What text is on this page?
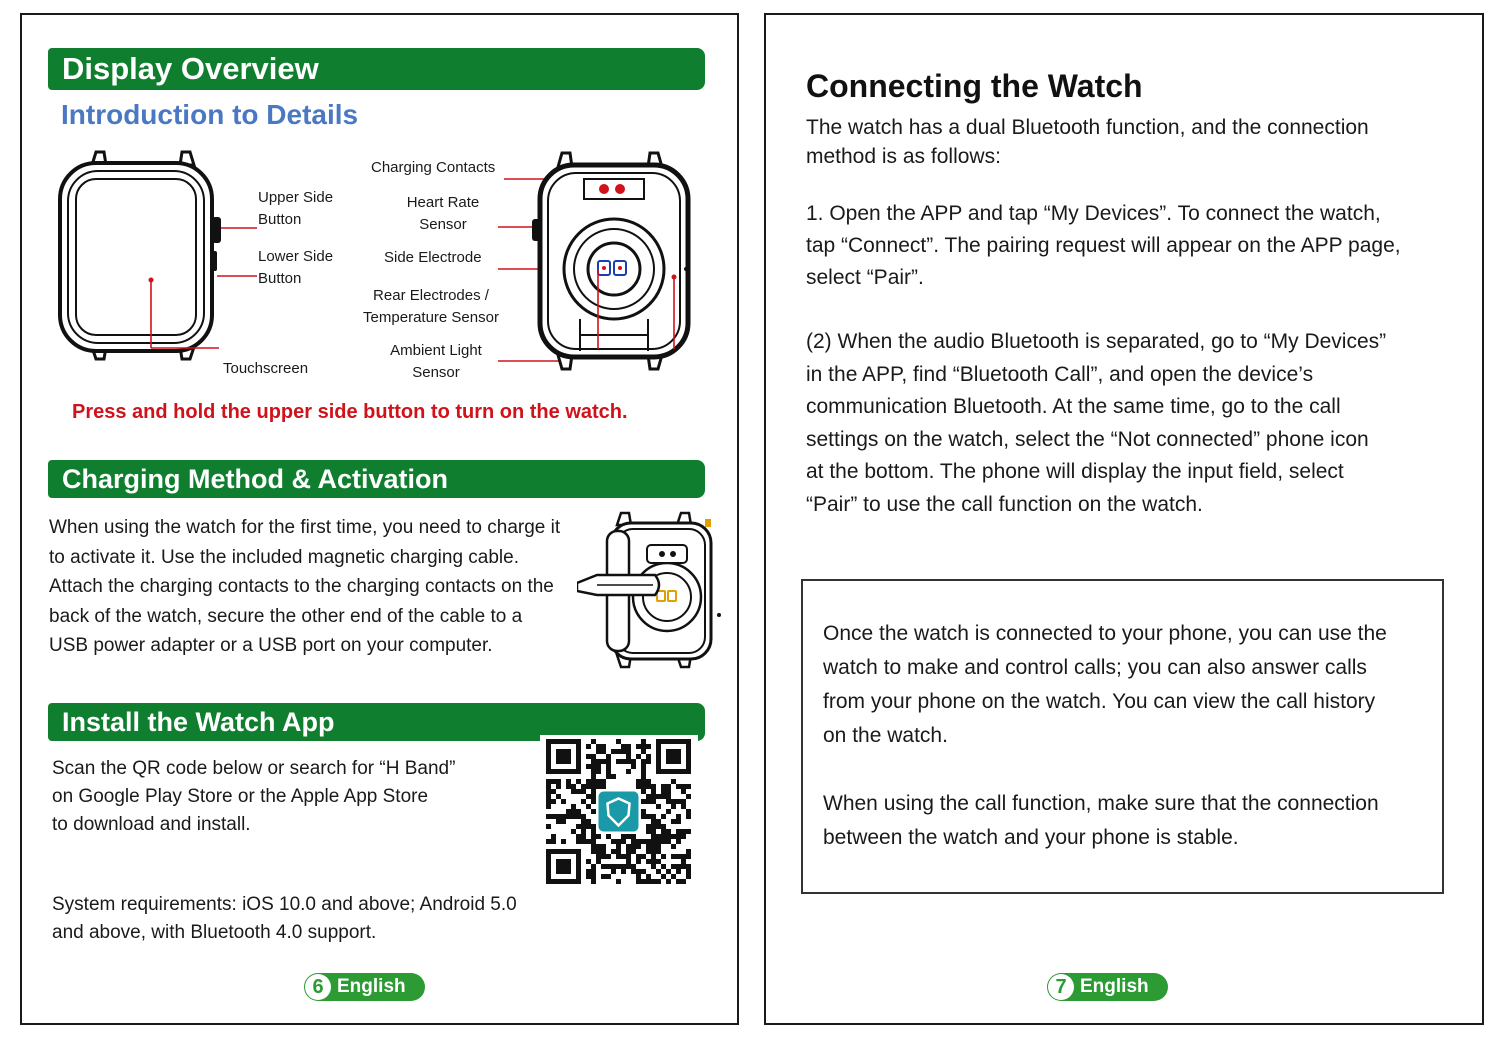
Display Overview
Introduction to Details
Upper Side
Button
Lower Side
Button
Touchscreen
Charging Contacts
Heart Rate
Sensor
Side Electrode
Rear Electrodes /
Temperature Sensor
Ambient Light
Sensor
Press and hold the upper side button to turn on the watch.
Charging Method & Activation
When using the watch for the first time, you need to charge it
to activate it. Use the included magnetic charging cable.
Attach the charging contacts to the charging contacts on the
back of the watch, secure the other end of the cable to a
USB power adapter or a USB port on your computer.
Install the Watch App
Scan the QR code below or search for “H Band”
on Google Play Store or the Apple App Store
to download and install.
System requirements: iOS 10.0 and above; Android 5.0
and above, with Bluetooth 4.0 support.
6 English
Connecting the Watch
The watch has a dual Bluetooth function, and the connection
method is as follows:
1. Open the APP and tap “My Devices”. To connect the watch,
tap “Connect”. The pairing request will appear on the APP page,
select “Pair”.
(2) When the audio Bluetooth is separated, go to “My Devices”
in the APP, find “Bluetooth Call”, and open the device’s
communication Bluetooth. At the same time, go to the call
settings on the watch, select the “Not connected” phone icon
at the bottom. The phone will display the input field, select
“Pair” to use the call function on the watch.
Once the watch is connected to your phone, you can use the
watch to make and control calls; you can also answer calls
from your phone on the watch. You can view the call history
on the watch.
When using the call function, make sure that the connection
between the watch and your phone is stable.
7 English
